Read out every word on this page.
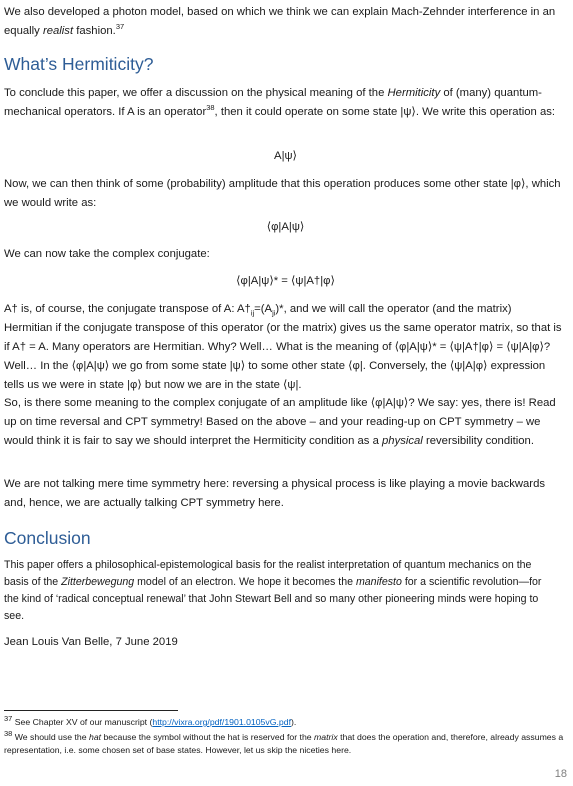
We also developed a photon model, based on which we think we can explain Mach-Zehnder interference in an equally realist fashion.$^{37}$

What’s Hermiticity?

To conclude this paper, we offer a discussion on the physical meaning of the Hermiticity of (many) quantum-mechanical operators. If A is an operator$^{38}$, then it could operate on some state |ψ⟩. We write this operation as:

A|ψ⟩

Now, we can then think of some (probability) amplitude that this operation produces some other state |φ⟩, which we would write as:

⟨φ|A|ψ⟩

We can now take the complex conjugate:

⟨φ|A|ψ⟩* = ⟨ψ|A†|φ⟩

A† is, of course, the conjugate transpose of A: $A\dagger_{ij}=(A_{ji})*$, and we will call the operator (and the matrix) Hermitian if the conjugate transpose of this operator (or the matrix) gives us the same operator matrix, so that is if A† = A. Many operators are Hermitian. Why? Well… What is the meaning of ⟨φ|A|ψ⟩* = ⟨ψ|A†|φ⟩ = ⟨ψ|A|φ⟩? Well… In the ⟨φ|A|ψ⟩ we go from some state |ψ⟩ to some other state ⟨φ|. Conversely, the ⟨ψ|A|φ⟩ expression tells us we were in state |φ⟩ but now we are in the state ⟨ψ|.

So, is there some meaning to the complex conjugate of an amplitude like ⟨φ|A|ψ⟩? We say: yes, there is! Read up on time reversal and CPT symmetry! Based on the above – and your reading-up on CPT symmetry – we would think it is fair to say we should interpret the Hermiticity condition as a physical reversibility condition.

We are not talking mere time symmetry here: reversing a physical process is like playing a movie backwards and, hence, we are actually talking CPT symmetry here.

Conclusion

This paper offers a philosophical-epistemological basis for the realist interpretation of quantum mechanics on the basis of the Zitterbewegung model of an electron. We hope it becomes the manifesto for a scientific revolution—for the kind of ‘radical conceptual renewal’ that John Stewart Bell and so many other pioneering minds were hoping to see.

Jean Louis Van Belle, 7 June 2019

$^{37}$ See Chapter XV of our manuscript (http://vixra.org/pdf/1901.0105vG.pdf).
$^{38}$ We should use the hat because the symbol without the hat is reserved for the matrix that does the operation and, therefore, already assumes a representation, i.e. some chosen set of base states. However, let us skip the niceties here.
18
